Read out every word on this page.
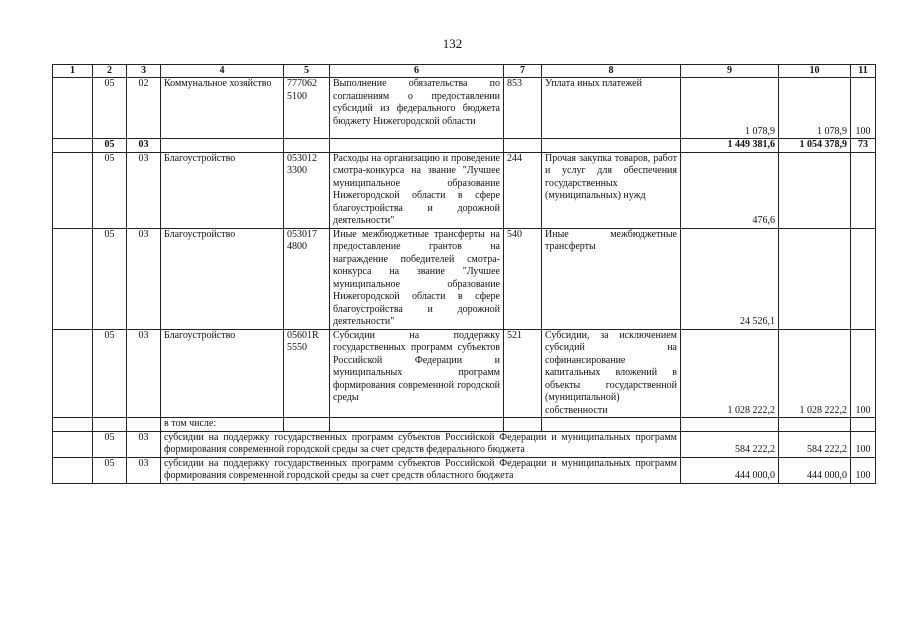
132
1	2	3	4	5	6	7	8	9	10	11
	05	02	Коммунальное хозяйство	777062 5100	Выполнение обязательства по соглашениям о предоставлении субсидий из федерального бюджета бюджету Нижегородской области	853	Уплата иных платежей	1 078,9	1 078,9	100
	05	03						1 449 381,6	1 054 378,9	73
	05	03	Благоустройство	053012 3300	Расходы на организацию и проведение смотра-конкурса на звание "Лучшее муниципальное образование Нижегородской области в сфере благоустройства и дорожной деятельности"	244	Прочая закупка товаров, работ и услуг для обеспечения государственных (муниципальных) нужд	476,6		
	05	03	Благоустройство	053017 4800	Иные межбюджетные трансферты на предоставление грантов на награждение победителей смотра-конкурса на звание "Лучшее муниципальное образование Нижегородской области в сфере благоустройства и дорожной деятельности"	540	Иные межбюджетные трансферты	24 526,1		
	05	03	Благоустройство	05601R 5550	Субсидии на поддержку государственных программ субъектов Российской Федерации и муниципальных программ формирования современной городской среды	521	Субсидии, за исключением субсидий на софинансирование капитальных вложений в объекты государственной (муниципальной) собственности	1 028 222,2	1 028 222,2	100
			в том числе:							
	05	03	субсидии на поддержку государственных программ субъектов Российской Федерации и муниципальных программ формирования современной городской среды за счет средств федерального бюджета					584 222,2	584 222,2	100
	05	03	субсидии на поддержку государственных программ субъектов Российской Федерации и муниципальных программ формирования современной городской среды за счет средств областного бюджета					444 000,0	444 000,0	100
